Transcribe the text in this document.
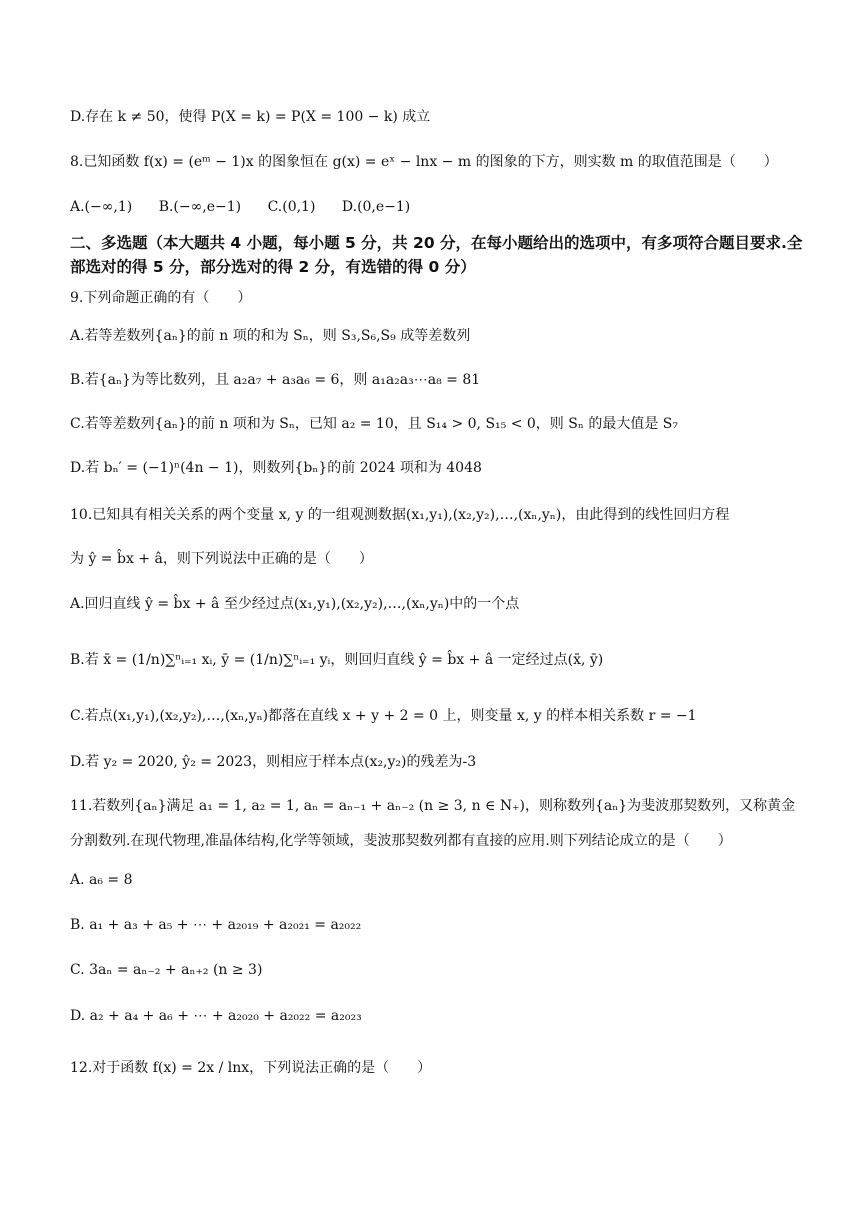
D.存在 k ≠ 50，使得 P(X = k) = P(X = 100 − k) 成立
8.已知函数 f(x) = (eᵐ − 1)x 的图象恒在 g(x) = eˣ − lnx − m 的图象的下方，则实数 m 的取值范围是（　　）
A.(−∞,1) B.(−∞,e−1) C.(0,1) D.(0,e−1)
二、多选题（本大题共 4 小题，每小题 5 分，共 20 分，在每小题给出的选项中，有多项符合题目要求.全部选对的得 5 分，部分选对的得 2 分，有选错的得 0 分）
9.下列命题正确的有（　　）
A.若等差数列{aₙ}的前 n 项的和为 Sₙ，则 S₃,S₆,S₉ 成等差数列
B.若{aₙ}为等比数列，且 a₂a₇ + a₃a₆ = 6，则 a₁a₂a₃⋯a₈ = 81
C.若等差数列{aₙ}的前 n 项和为 Sₙ，已知 a₂ = 10，且 S₁₄ > 0, S₁₅ < 0，则 Sₙ 的最大值是 S₇
D.若 bₙ′ = (−1)ⁿ(4n − 1)，则数列{bₙ}的前 2024 项和为 4048
10.已知具有相关关系的两个变量 x, y 的一组观测数据(x₁,y₁),(x₂,y₂),…,(xₙ,yₙ)，由此得到的线性回归方程
为 ŷ = b̂x + â，则下列说法中正确的是（　　）
A.回归直线 ŷ = b̂x + â 至少经过点(x₁,y₁),(x₂,y₂),…,(xₙ,yₙ)中的一个点
B.若 x̄ = (1/n)∑ⁿᵢ₌₁ xᵢ, ȳ = (1/n)∑ⁿᵢ₌₁ yᵢ，则回归直线 ŷ = b̂x + â 一定经过点(x̄, ȳ)
C.若点(x₁,y₁),(x₂,y₂),…,(xₙ,yₙ)都落在直线 x + y + 2 = 0 上，则变量 x, y 的样本相关系数 r = −1
D.若 y₂ = 2020, ŷ₂ = 2023，则相应于样本点(x₂,y₂)的残差为-3
11.若数列{aₙ}满足 a₁ = 1, a₂ = 1, aₙ = aₙ₋₁ + aₙ₋₂ (n ≥ 3, n ∈ N₊)，则称数列{aₙ}为斐波那契数列，又称黄金
分割数列.在现代物理,准晶体结构,化学等领域，斐波那契数列都有直接的应用.则下列结论成立的是（　　）
A. a₆ = 8
B. a₁ + a₃ + a₅ + ⋯ + a₂₀₁₉ + a₂₀₂₁ = a₂₀₂₂
C. 3aₙ = aₙ₋₂ + aₙ₊₂ (n ≥ 3)
D. a₂ + a₄ + a₆ + ⋯ + a₂₀₂₀ + a₂₀₂₂ = a₂₀₂₃
12.对于函数 f(x) = 2x / lnx，下列说法正确的是（　　）
